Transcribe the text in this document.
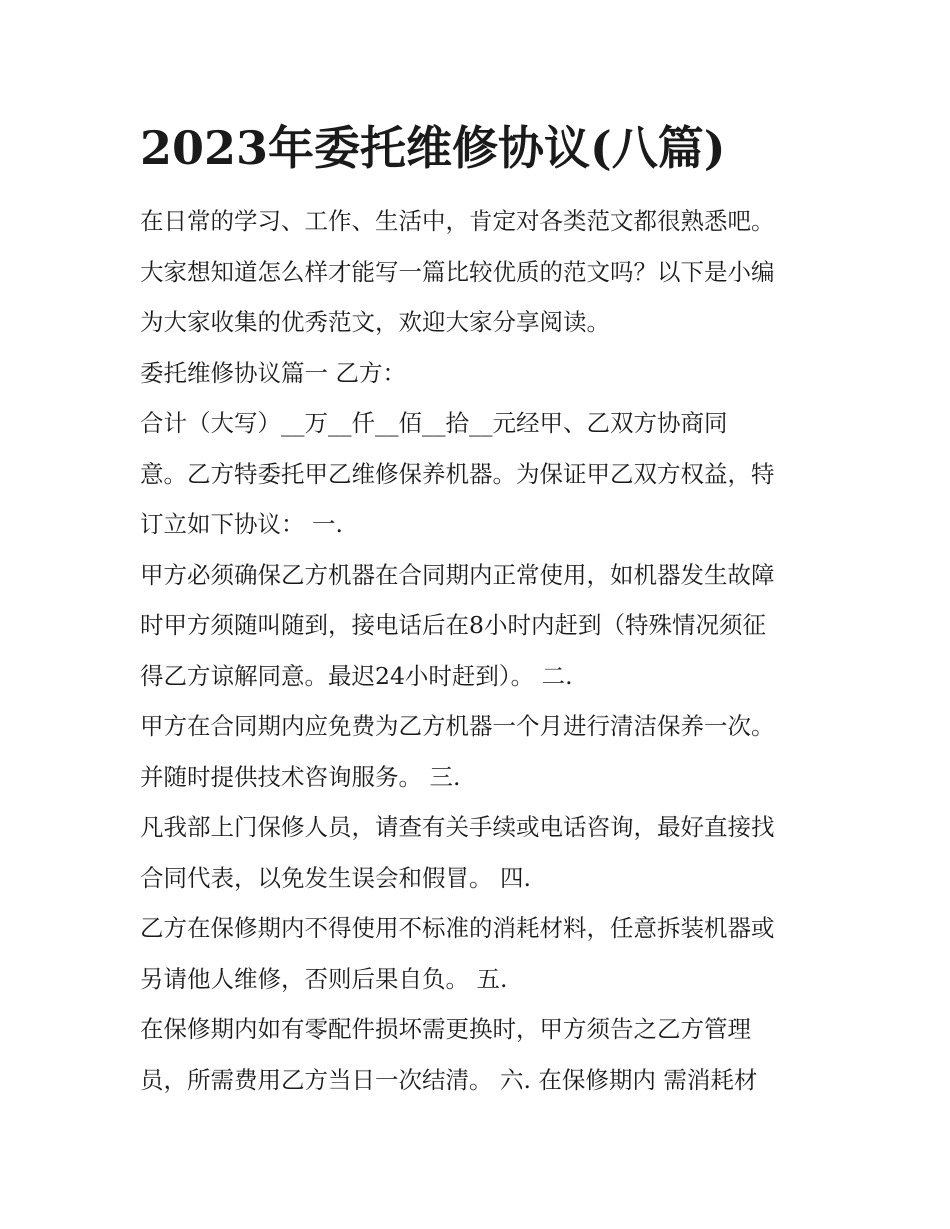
2023年委托维修协议(八篇)
在日常的学习、工作、生活中，肯定对各类范文都很熟悉吧。
大家想知道怎么样才能写一篇比较优质的范文吗？以下是小编
为大家收集的优秀范文，欢迎大家分享阅读。
委托维修协议篇一 乙方：
合计（大写）__万__仟__佰__拾__元经甲、乙双方协商同
意。乙方特委托甲乙维修保养机器。为保证甲乙双方权益，特
订立如下协议： 一.
甲方必须确保乙方机器在合同期内正常使用，如机器发生故障
时甲方须随叫随到，接电话后在8小时内赶到（特殊情况须征
得乙方谅解同意。最迟24小时赶到）。 二.
甲方在合同期内应免费为乙方机器一个月进行清洁保养一次。
并随时提供技术咨询服务。 三.
凡我部上门保修人员，请查有关手续或电话咨询，最好直接找
合同代表，以免发生误会和假冒。 四.
乙方在保修期内不得使用不标准的消耗材料，任意拆装机器或
另请他人维修，否则后果自负。 五.
在保修期内如有零配件损坏需更换时，甲方须告之乙方管理
员，所需费用乙方当日一次结清。 六. 在保修期内 需消耗材
